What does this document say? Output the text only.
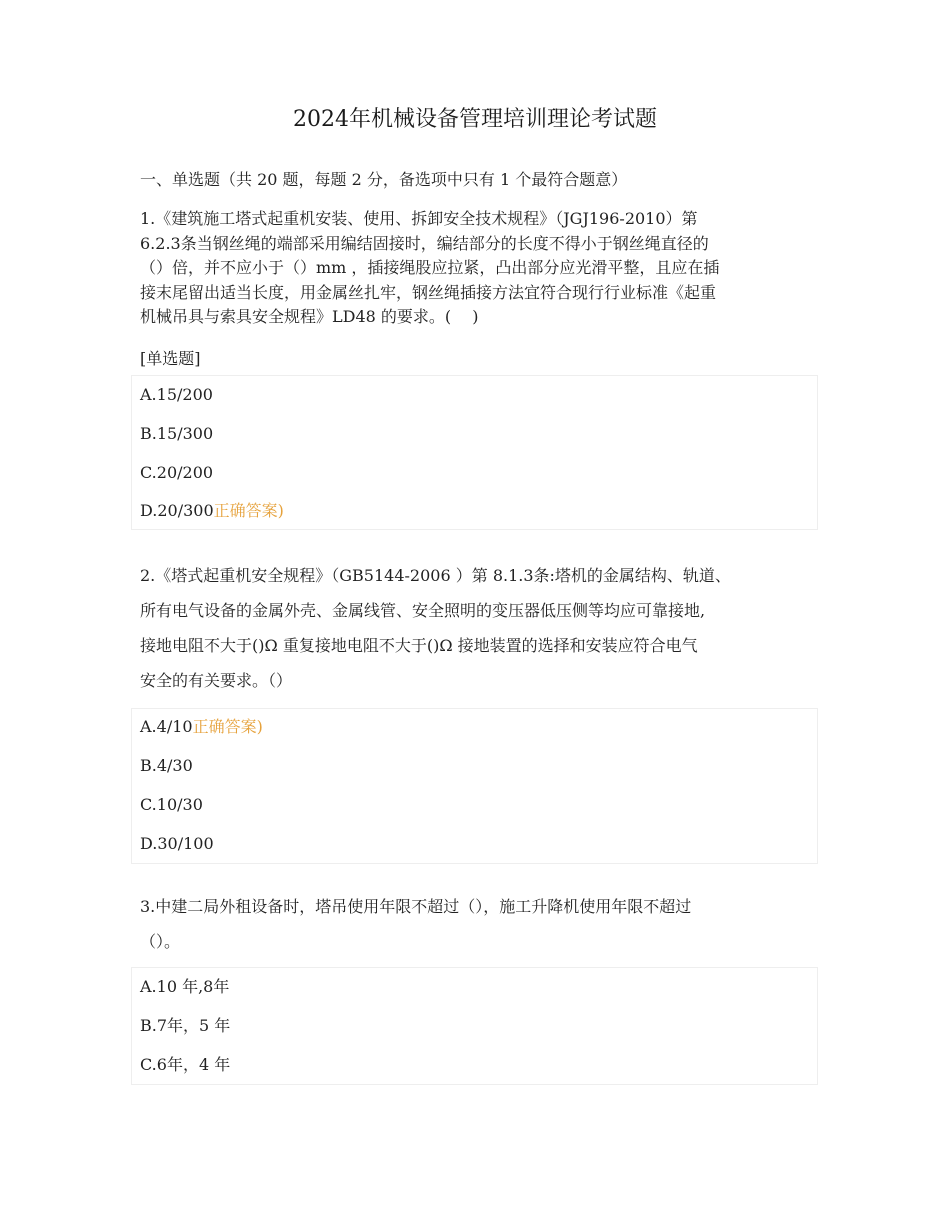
2024年机械设备管理培训理论考试题
一、单选题（共 20 题，每题 2 分，备选项中只有 1 个最符合题意）
1.《建筑施工塔式起重机安装、使用、拆卸安全技术规程》（JGJ196-2010）第
6.2.3条当钢丝绳的端部采用编结固接时，编结部分的长度不得小于钢丝绳直径的
（）倍，并不应小于（）mm ，插接绳股应拉紧，凸出部分应光滑平整，且应在插
接末尾留出适当长度，用金属丝扎牢，钢丝绳插接方法宜符合现行行业标准《起重
机械吊具与索具安全规程》LD48 的要求。(　 )
[单选题]
A.15/200
B.15/300
C.20/200
D.20/300正确答案)
2.《塔式起重机安全规程》（GB5144-2006 ）第 8.1.3条:塔机的金属结构、轨道、
所有电气设备的金属外壳、金属线管、安全照明的变压器低压侧等均应可靠接地,
接地电阻不大于()Ω 重复接地电阻不大于()Ω 接地装置的选择和安装应符合电气
安全的有关要求。（）
A.4/10正确答案)
B.4/30
C.10/30
D.30/100
3.中建二局外租设备时，塔吊使用年限不超过（），施工升降机使用年限不超过
（）。
A.10 年,8年
B.7年，5 年
C.6年，4 年
